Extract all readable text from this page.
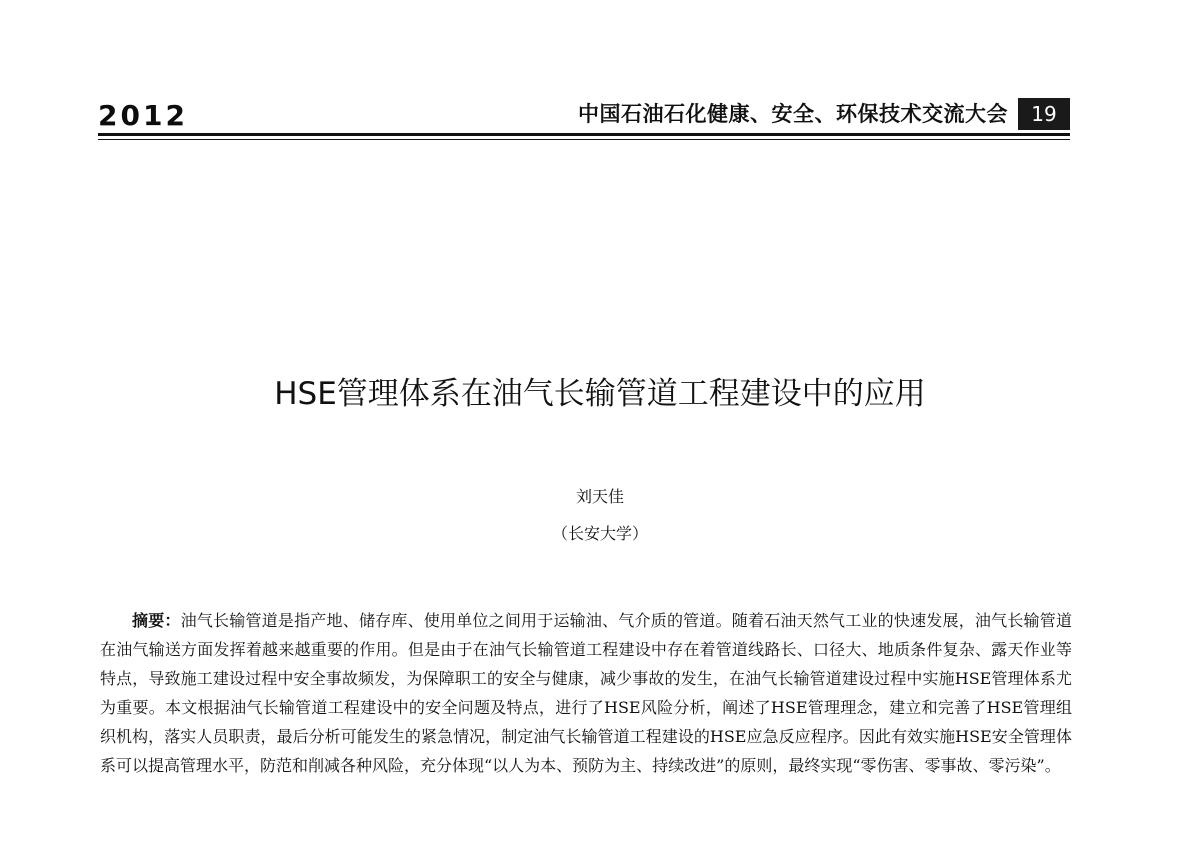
2012	中国石油石化健康、安全、环保技术交流大会	19
HSE管理体系在油气长输管道工程建设中的应用
刘天佳
（长安大学）
摘要：油气长输管道是指产地、储存库、使用单位之间用于运输油、气介质的管道。随着石油天然气工业的快速发展，油气长输管道在油气输送方面发挥着越来越重要的作用。但是由于在油气长输管道工程建设中存在着管道线路长、口径大、地质条件复杂、露天作业等特点，导致施工建设过程中安全事故频发，为保障职工的安全与健康，减少事故的发生，在油气长输管道建设过程中实施HSE管理体系尤为重要。本文根据油气长输管道工程建设中的安全问题及特点，进行了HSE风险分析，阐述了HSE管理理念，建立和完善了HSE管理组织机构，落实人员职责，最后分析可能发生的紧急情况，制定油气长输管道工程建设的HSE应急反应程序。因此有效实施HSE安全管理体系可以提高管理水平，防范和削减各种风险，充分体现“以人为本、预防为主、持续改进”的原则，最终实现“零伤害、零事故、零污染”。
